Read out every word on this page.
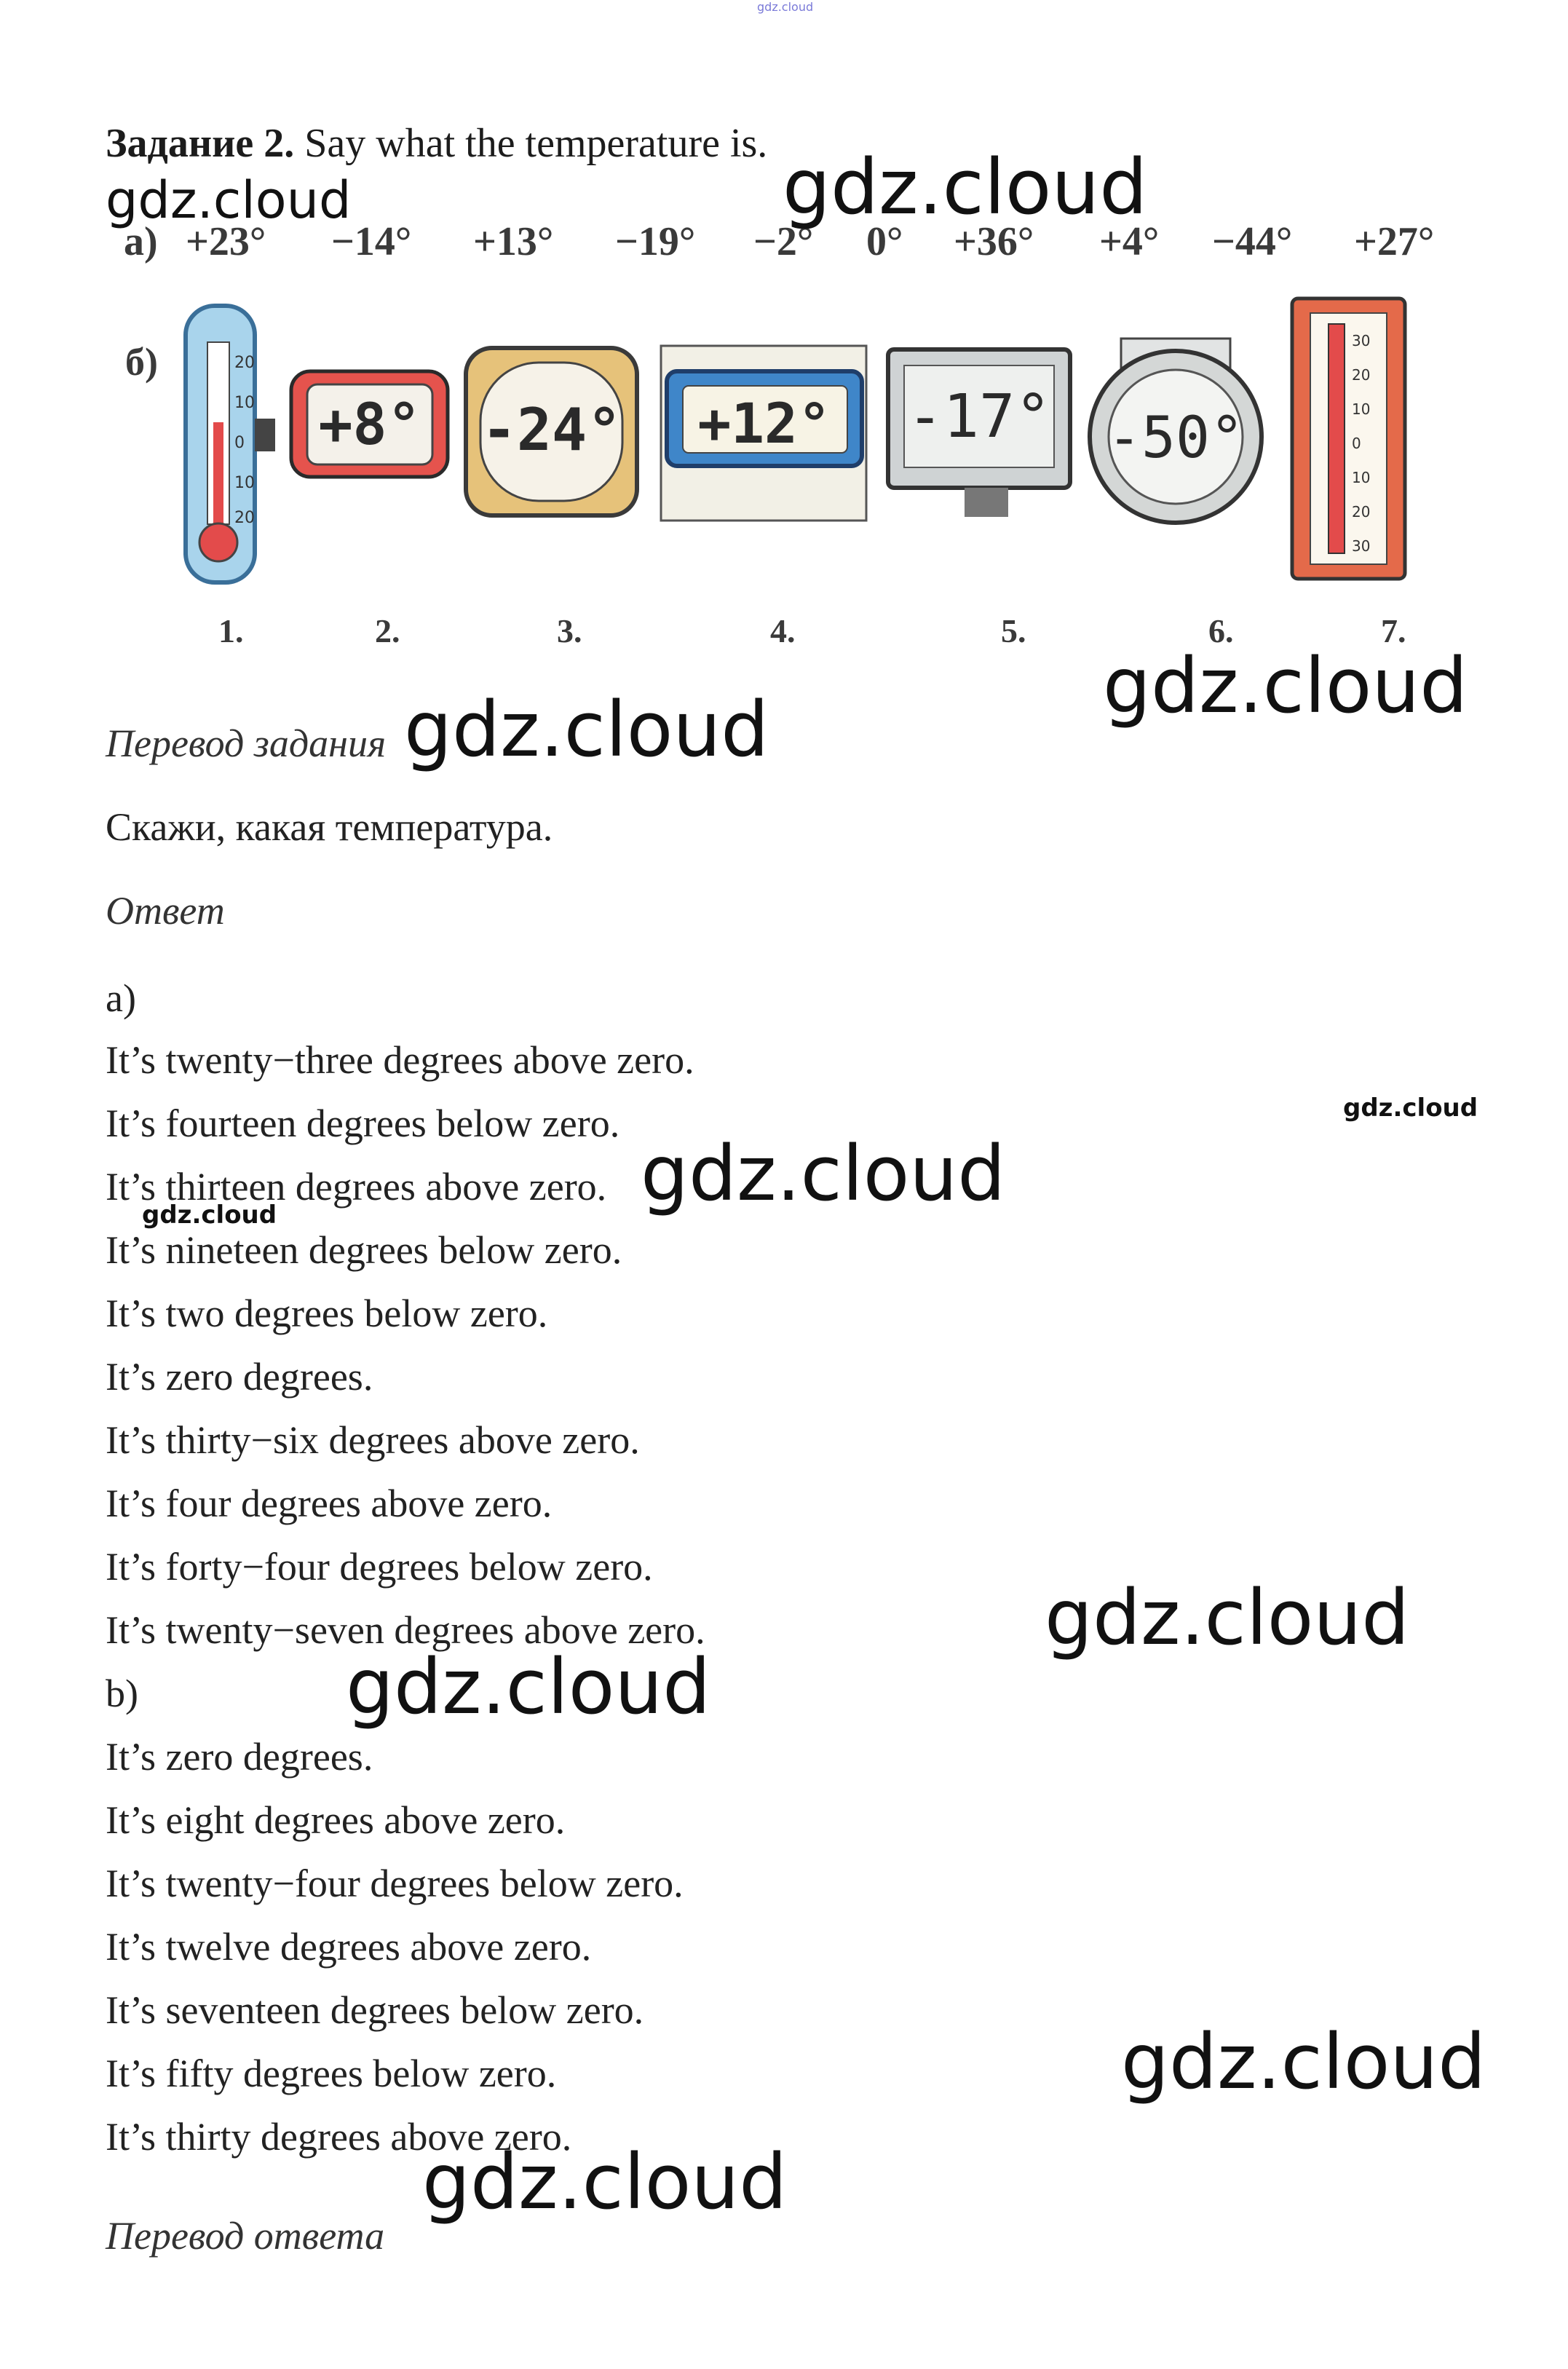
gdz.cloud
Задание 2. Say what the temperature is.
а) +23° −14° +13° −19° −2° 0° +36° +4° −44° +27°
gdz.cloud	gdz.cloud
б)	20
10
0
10
20
+8° -24° +12° -17° -50°
30
20
10
0
10
20
30
1.	2.	3.	4.	5.	6.	7.
gdz.cloud
Перевод задания gdz.cloud
Скажи, какая температура.
Ответ
a)
It’s twenty−three degrees above zero.
It’s fourteen degrees below zero.
It’s thirteen degrees above zero.
It’s nineteen degrees below zero.
It’s two degrees below zero.
It’s zero degrees.
It’s thirty−six degrees above zero.
It’s four degrees above zero.
It’s forty−four degrees below zero.
It’s twenty−seven degrees above zero.
b)
It’s zero degrees.
It’s eight degrees above zero.
It’s twenty−four degrees below zero.
It’s twelve degrees above zero.
It’s seventeen degrees below zero.
It’s fifty degrees below zero.
It’s thirty degrees above zero.
Перевод ответа
gdz.cloud
gdz.cloud
gdz.cloud
gdz.cloud
gdz.cloud
gdz.cloud
gdz.cloud
